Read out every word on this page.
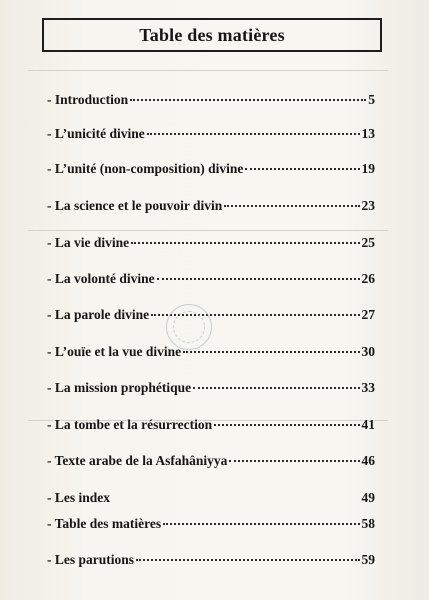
Table des matières
- Introduction	5
- L’unicité divine	13
- L’unité (non-composition) divine	19
- La science et le pouvoir divin	23
- La vie divine	25
- La volonté divine	26
- La parole divine	27
- L’ouïe et la vue divine	30
- La mission prophétique	33
- La tombe et la résurrection	41
- Texte arabe de la Asfahâniyya	46
- Les index	49
- Table des matières	58
- Les parutions	59
